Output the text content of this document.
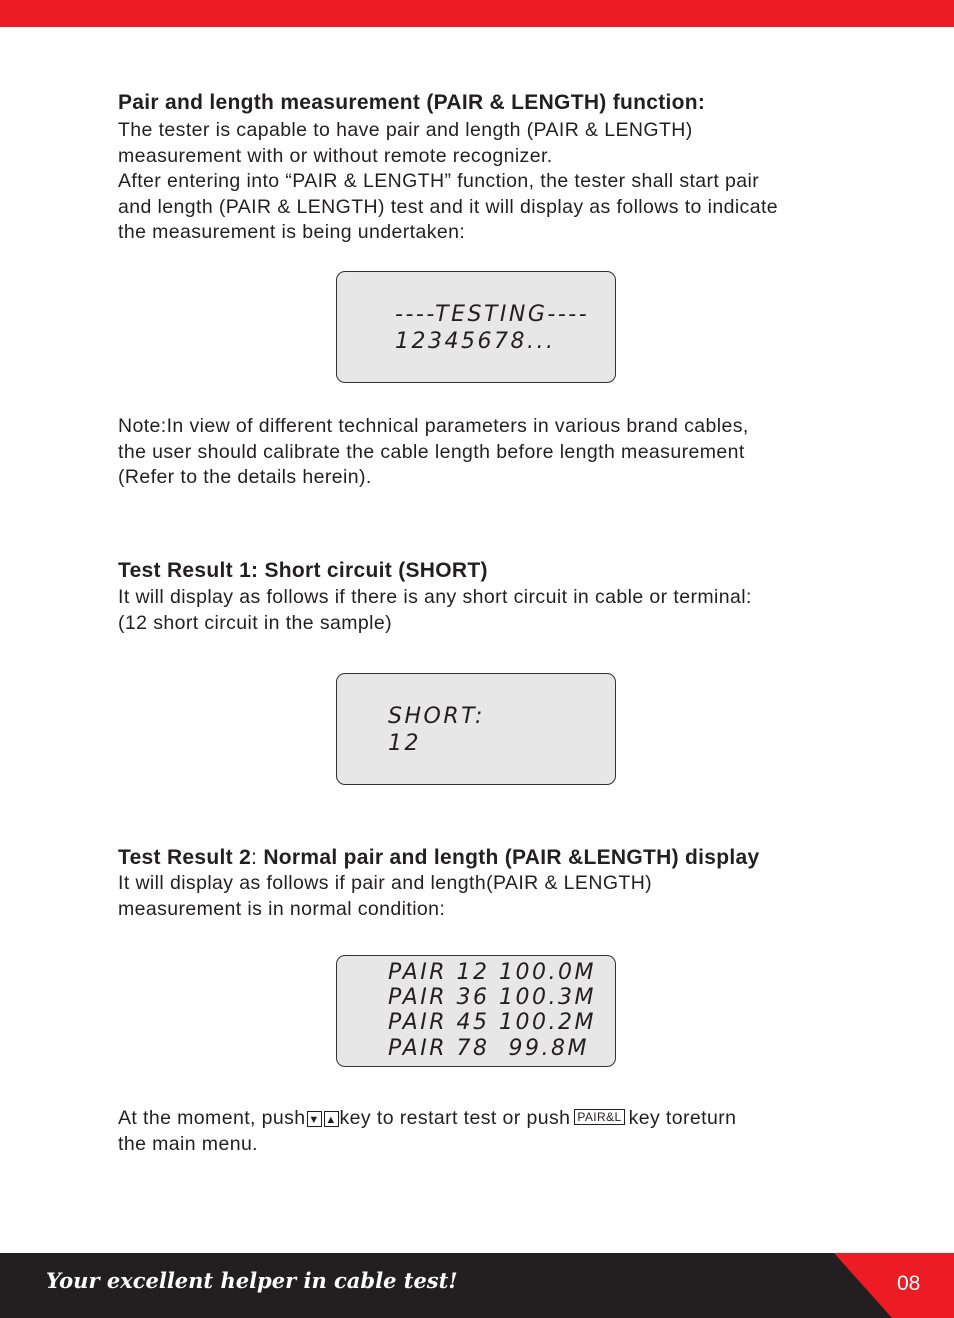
Pair and length measurement (PAIR & LENGTH) function:
The tester is capable to have pair and length (PAIR & LENGTH)
measurement with or without remote recognizer.
After entering into “PAIR & LENGTH” function, the tester shall start pair
and length (PAIR & LENGTH) test and it will display as follows to indicate
the measurement is being undertaken:
----TESTING----
12345678...
Note:In view of different technical parameters in various brand cables,
the user should calibrate the cable length before length measurement
(Refer to the details herein).
Test Result 1: Short circuit (SHORT)
It will display as follows if there is any short circuit in cable or terminal:
(12 short circuit in the sample)
SHORT:
12
Test Result 2: Normal pair and length (PAIR &LENGTH) display
It will display as follows if pair and length(PAIR & LENGTH)
measurement is in normal condition:
PAIR 12 100.0M
PAIR 36 100.3M
PAIR 45 100.2M
PAIR 78  99.8M
At the moment, push ▼ ▲ key to restart test or push PAIR&L key toreturn
the main menu.
Your excellent helper in cable test!	08
